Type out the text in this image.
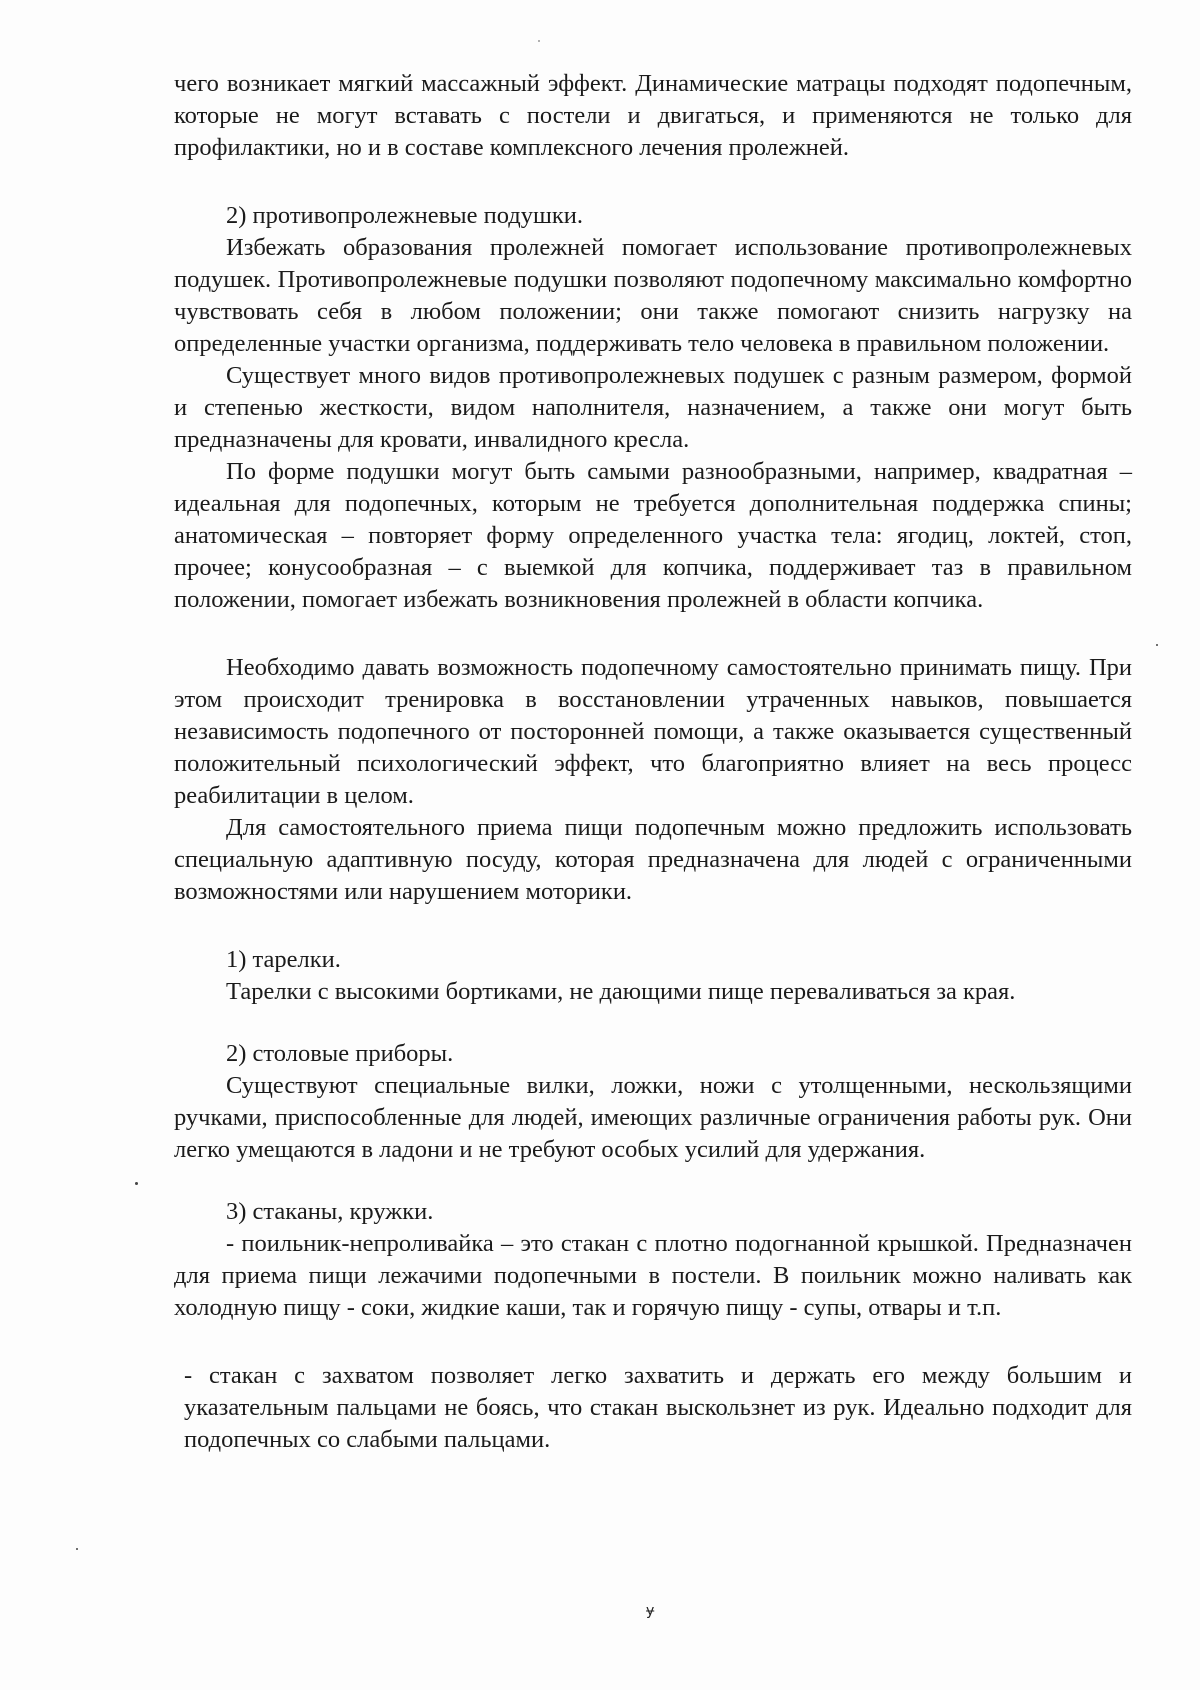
чего возникает мягкий массажный эффект. Динамические матрацы подходят подопечным, которые не могут вставать с постели и двигаться, и применяются не только для профилактики, но и в составе комплексного лечения пролежней.

2) противопролежневые подушки.

Избежать образования пролежней помогает использование противопролежневых подушек. Противопролежневые подушки позволяют подопечному максимально комфортно чувствовать себя в любом положении; они также помогают снизить нагрузку на определенные участки организма, поддерживать тело человека в правильном положении.

Существует много видов противопролежневых подушек с разным размером, формой и степенью жесткости, видом наполнителя, назначением, а также они могут быть предназначены для кровати, инвалидного кресла.

По форме подушки могут быть самыми разнообразными, например, квадратная – идеальная для подопечных, которым не требуется дополнительная поддержка спины; анатомическая – повторяет форму определенного участка тела: ягодиц, локтей, стоп, прочее; конусообразная – с выемкой для копчика, поддерживает таз в правильном положении, помогает избежать возникновения пролежней в области копчика.

Необходимо давать возможность подопечному самостоятельно принимать пищу. При этом происходит тренировка в восстановлении утраченных навыков, повышается независимость подопечного от посторонней помощи, а также оказывается существенный положительный психологический эффект, что благоприятно влияет на весь процесс реабилитации в целом.

Для самостоятельного приема пищи подопечным можно предложить использовать специальную адаптивную посуду, которая предназначена для людей с ограниченными возможностями или нарушением моторики.

1) тарелки.

Тарелки с высокими бортиками, не дающими пище переваливаться за края.

2) столовые приборы.

Существуют специальные вилки, ложки, ножи с утолщенными, нескользящими ручками, приспособленные для людей, имеющих различные ограничения работы рук. Они легко умещаются в ладони и не требуют особых усилий для удержания.

3) стаканы, кружки.

- поильник-непроливайка – это стакан с плотно подогнанной крышкой. Предназначен для приема пищи лежачими подопечными в постели. В поильник можно наливать как холодную пищу - соки, жидкие каши, так и горячую пищу - супы, отвары и т.п.

- стакан с захватом позволяет легко захватить и держать его между большим и указательным пальцами не боясь, что стакан выскользнет из рук. Идеально подходит для подопечных со слабыми пальцами.

ɏ
